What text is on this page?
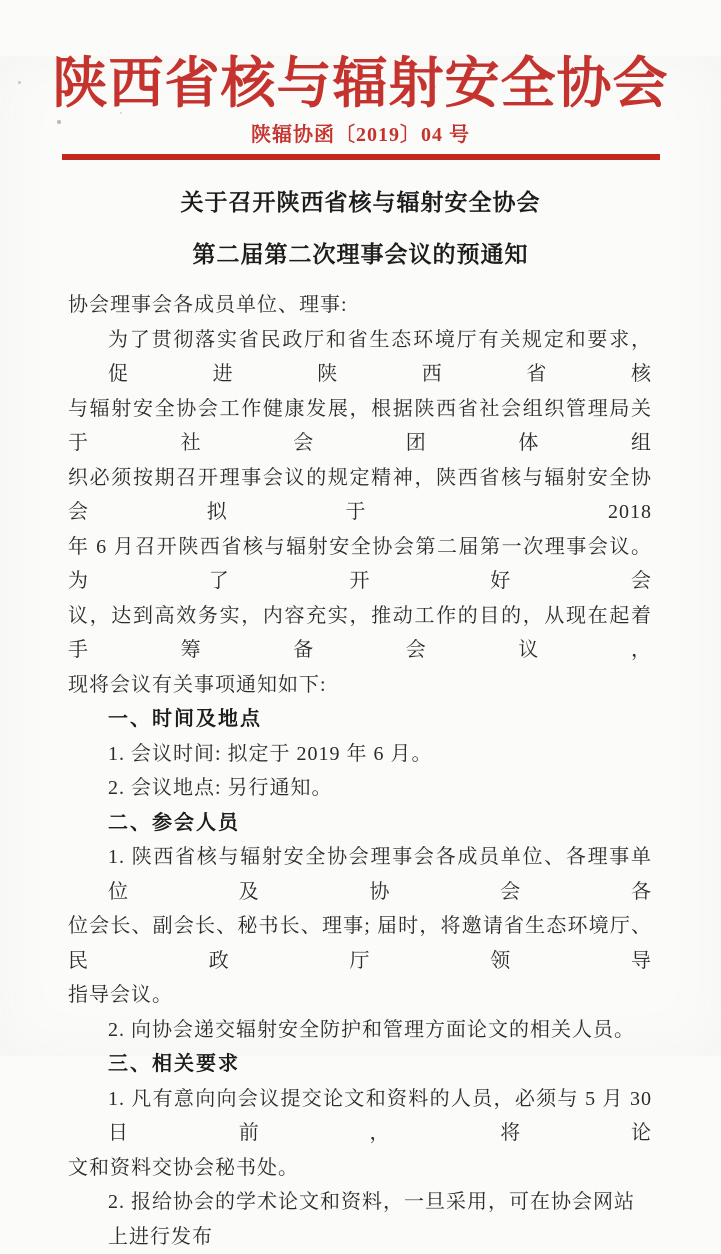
陕西省核与辐射安全协会
陕辐协函〔2019〕04 号
关于召开陕西省核与辐射安全协会
第二届第二次理事会议的预通知
协会理事会各成员单位、理事:
为了贯彻落实省民政厅和省生态环境厅有关规定和要求，促进陕西省核
与辐射安全协会工作健康发展，根据陕西省社会组织管理局关于社会团体组
织必须按期召开理事会议的规定精神，陕西省核与辐射安全协会拟于 2018
年 6 月召开陕西省核与辐射安全协会第二届第一次理事会议。为了开好会
议，达到高效务实，内容充实，推动工作的目的，从现在起着手筹备会议，
现将会议有关事项通知如下:
一、时间及地点
1. 会议时间: 拟定于 2019 年 6 月。
2. 会议地点: 另行通知。
二、参会人员
1. 陕西省核与辐射安全协会理事会各成员单位、各理事单位及协会各
位会长、副会长、秘书长、理事; 届时，将邀请省生态环境厅、民政厅领导
指导会议。
2. 向协会递交辐射安全防护和管理方面论文的相关人员。
三、相关要求
1. 凡有意向向会议提交论文和资料的人员，必须与 5 月 30 日前，将论
文和资料交协会秘书处。
2. 报给协会的学术论文和资料，一旦采用，可在协会网站上进行发布
